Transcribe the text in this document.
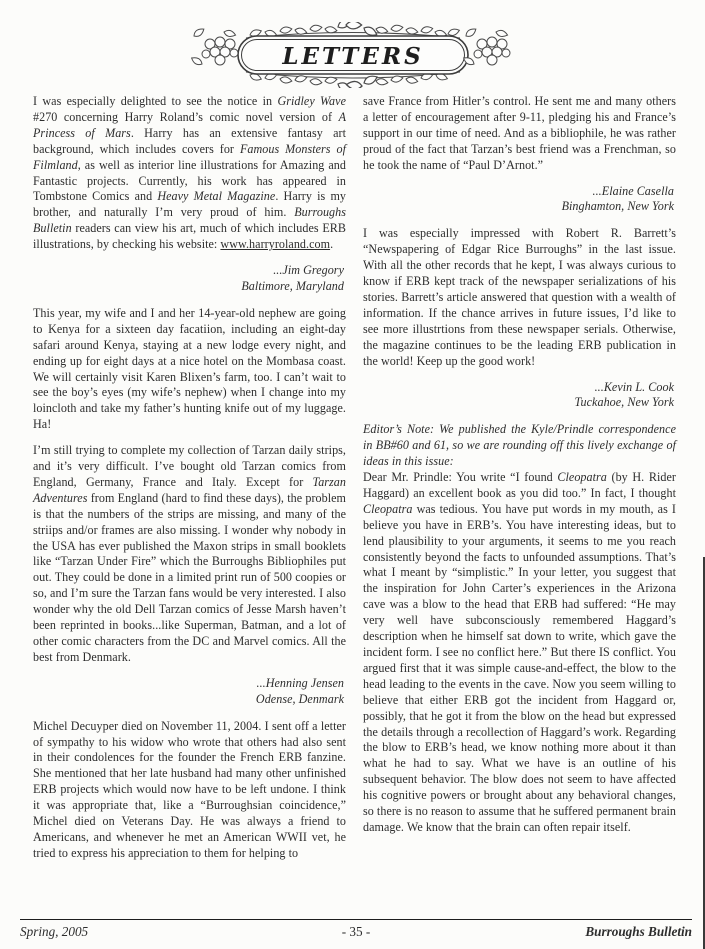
LETTERS

I was especially delighted to see the notice in Gridley Wave #270 concerning Harry Roland’s comic novel version of A Princess of Mars. Harry has an extensive fantasy art background, which includes covers for Famous Monsters of Filmland, as well as interior line illustrations for Amazing and Fantastic projects. Currently, his work has appeared in Tombstone Comics and Heavy Metal Magazine. Harry is my brother, and naturally I’m very proud of him. Burroughs Bulletin readers can view his art, much of which includes ERB illustrations, by checking his website: www.harryroland.com.

...Jim Gregory
Baltimore, Maryland

This year, my wife and I and her 14-year-old nephew are going to Kenya for a sixteen day facatiion, including an eight-day safari around Kenya, staying at a new lodge every night, and ending up for eight days at a nice hotel on the Mombasa coast. We will certainly visit Karen Blixen’s farm, too. I can’t wait to see the boy’s eyes (my wife’s nephew) when I change into my loincloth and take my father’s hunting knife out of my luggage. Ha!

I’m still trying to complete my collection of Tarzan daily strips, and it’s very difficult. I’ve bought old Tarzan comics from England, Germany, France and Italy. Except for Tarzan Adventures from England (hard to find these days), the problem is that the numbers of the strips are missing, and many of the striips and/or frames are also missing. I wonder why nobody in the USA has ever published the Maxon strips in small booklets like “Tarzan Under Fire” which the Burroughs Bibliophiles put out. They could be done in a limited print run of 500 coopies or so, and I’m sure the Tarzan fans would be very interested. I also wonder why the old Dell Tarzan comics of Jesse Marsh haven’t been reprinted in books...like Superman, Batman, and a lot of other comic characters from the DC and Marvel comics. All the best from Denmark.

...Henning Jensen
Odense, Denmark

Michel Decuyper died on November 11, 2004. I sent off a letter of sympathy to his widow who wrote that others had also sent in their condolences for the founder the French ERB fanzine. She mentioned that her late husband had many other unfinished ERB projects which would now have to be left undone. I think it was appropriate that, like a “Burroughsian coincidence,” Michel died on Veterans Day. He was always a friend to Americans, and whenever he met an American WWII vet, he tried to express his appreciation to them for helping to

save France from Hitler’s control. He sent me and many others a letter of encouragement after 9-11, pledging his and France’s support in our time of need. And as a bibliophile, he was rather proud of the fact that Tarzan’s best friend was a Frenchman, so he took the name of “Paul D’Arnot.”

...Elaine Casella
Binghamton, New York

I was especially impressed with Robert R. Barrett’s “Newspapering of Edgar Rice Burroughs” in the last issue. With all the other records that he kept, I was always curious to know if ERB kept track of the newspaper serializations of his stories. Barrett’s article answered that question with a wealth of information. If the chance arrives in future issues, I’d like to see more illustrtions from these newspaper serials. Otherwise, the magazine continues to be the leading ERB publication in the world! Keep up the good work!

...Kevin L. Cook
Tuckahoe, New York

Editor’s Note: We published the Kyle/Prindle correspondence in BB#60 and 61, so we are rounding off this lively exchange of ideas in this issue:

Dear Mr. Prindle: You write “I found Cleopatra (by H. Rider Haggard) an excellent book as you did too.” In fact, I thought Cleopatra was tedious. You have put words in my mouth, as I believe you have in ERB’s. You have interesting ideas, but to lend plausibility to your arguments, it seems to me you reach consistently beyond the facts to unfounded assumptions. That’s what I meant by “simplistic.” In your letter, you suggest that the inspiration for John Carter’s experiences in the Arizona cave was a blow to the head that ERB had suffered: “He may very well have subconsciously remembered Haggard’s description when he himself sat down to write, which gave the incident form. I see no conflict here.” But there IS conflict. You argued first that it was simple cause-and-effect, the blow to the head leading to the events in the cave. Now you seem willing to believe that either ERB got the incident from Haggard or, possibly, that he got it from the blow on the head but expressed the details through a recollection of Haggard’s work. Regarding the blow to ERB’s head, we know nothing more about it than what he had to say. What we have is an outline of his subsequent behavior. The blow does not seem to have affected his cognitive powers or brought about any behavioral changes, so there is no reason to assume that he suffered permanent brain damage. We know that the brain can often repair itself.

Spring, 2005	- 35 -	Burroughs Bulletin
